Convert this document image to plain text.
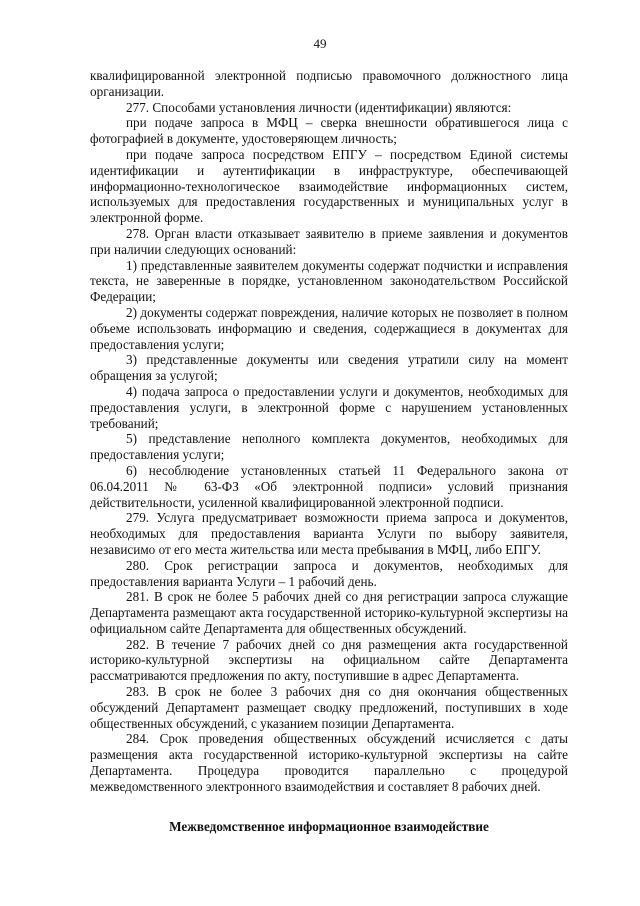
49

квалифицированной электронной подписью правомочного должностного лица организации.

277. Способами установления личности (идентификации) являются:

при подаче запроса в МФЦ – сверка внешности обратившегося лица с фотографией в документе, удостоверяющем личность;

при подаче запроса посредством ЕПГУ – посредством Единой системы идентификации и аутентификации в инфраструктуре, обеспечивающей информационно-технологическое взаимодействие информационных систем, используемых для предоставления государственных и муниципальных услуг в электронной форме.

278. Орган власти отказывает заявителю в приеме заявления и документов при наличии следующих оснований:

1) представленные заявителем документы содержат подчистки и исправления текста, не заверенные в порядке, установленном законодательством Российской Федерации;

2) документы содержат повреждения, наличие которых не позволяет в полном объеме использовать информацию и сведения, содержащиеся в документах для предоставления услуги;

3) представленные документы или сведения утратили силу на момент обращения за услугой;

4) подача запроса о предоставлении услуги и документов, необходимых для предоставления услуги, в электронной форме с нарушением установленных требований;

5) представление неполного комплекта документов, необходимых для предоставления услуги;

6) несоблюдение установленных статьей 11 Федерального закона от 06.04.2011 № 63-ФЗ «Об электронной подписи» условий признания действительности, усиленной квалифицированной электронной подписи.

279. Услуга предусматривает возможности приема запроса и документов, необходимых для предоставления варианта Услуги по выбору заявителя, независимо от его места жительства или места пребывания в МФЦ, либо ЕПГУ.

280. Срок регистрации запроса и документов, необходимых для предоставления варианта Услуги – 1 рабочий день.

281. В срок не более 5 рабочих дней со дня регистрации запроса служащие Департамента размещают акта государственной историко-культурной экспертизы на официальном сайте Департамента для общественных обсуждений.

282. В течение 7 рабочих дней со дня размещения акта государственной историко-культурной экспертизы на официальном сайте Департамента рассматриваются предложения по акту, поступившие в адрес Департамента.

283. В срок не более 3 рабочих дня со дня окончания общественных обсуждений Департамент размещает сводку предложений, поступивших в ходе общественных обсуждений, с указанием позиции Департамента.

284. Срок проведения общественных обсуждений исчисляется с даты размещения акта государственной историко-культурной экспертизы на сайте Департамента. Процедура проводится параллельно с процедурой межведомственного электронного взаимодействия и составляет 8 рабочих дней.

Межведомственное информационное взаимодействие
